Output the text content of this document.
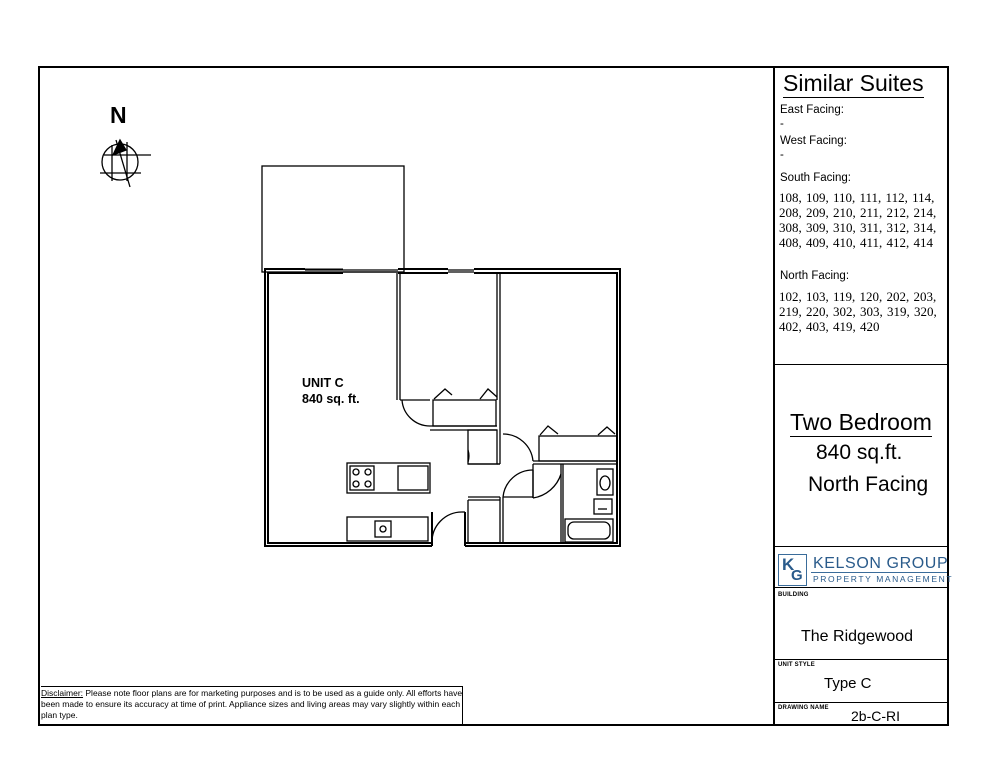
N
UNIT C
840 sq. ft.
Similar Suites
East Facing:
-
West Facing:
-
South Facing:
108, 109, 110, 111, 112, 114, 208, 209, 210, 211, 212, 214, 308, 309, 310, 311, 312, 314, 408, 409, 410, 411, 412, 414
North Facing:
102, 103, 119, 120, 202, 203, 219, 220, 302, 303, 319, 320, 402, 403, 419, 420
Two Bedroom
840 sq.ft.
North Facing
K
G
KELSON GROUP
PROPERTY MANAGEMENT
BUILDING
The Ridgewood
UNIT STYLE
Type C
DRAWING NAME 2b-C-RI
Disclaimer: Please note floor plans are for marketing purposes and is to be used as a guide only. All efforts have been made to ensure its accuracy at time of print. Appliance sizes and living areas may vary slightly within each plan type.
